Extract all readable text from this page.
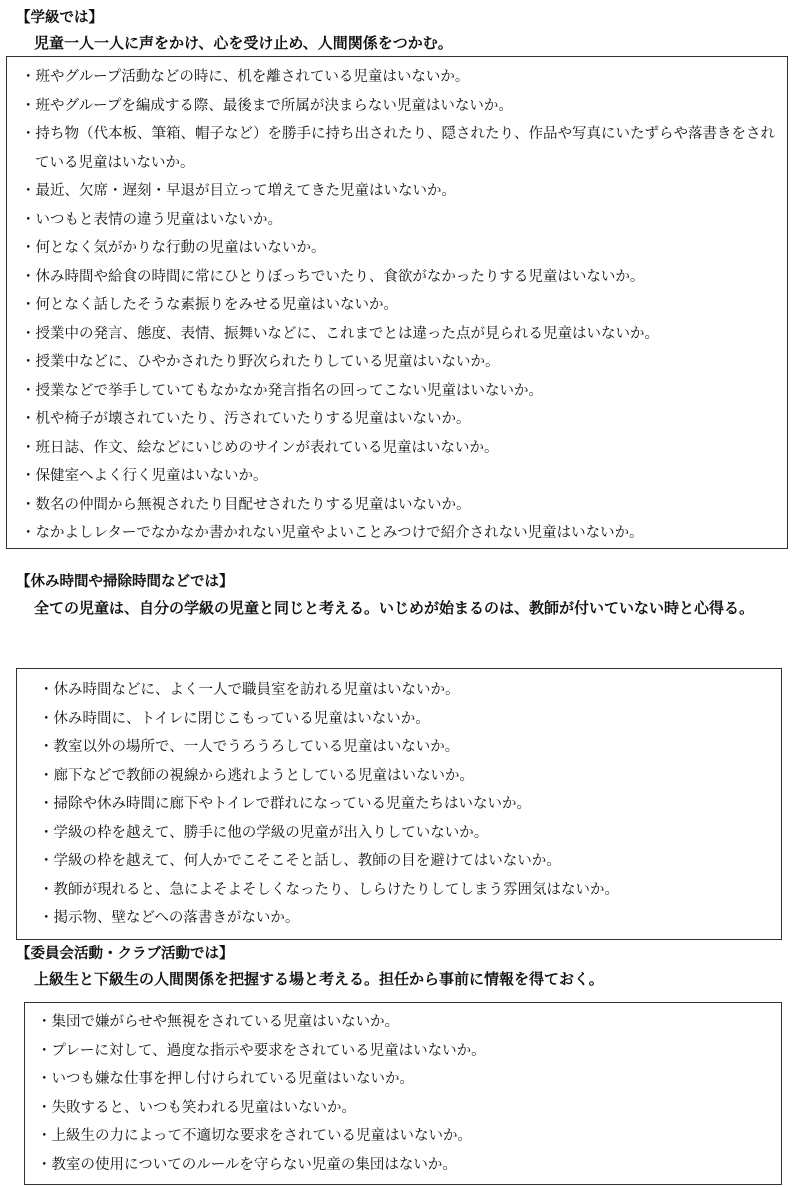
【学級では】
児童一人一人に声をかけ、心を受け止め、人間関係をつかむ。
・ 班やグループ活動などの時に、机を離されている児童はいないか。
・ 班やグループを編成する際、最後まで所属が決まらない児童はいないか。
・ 持ち物（代本板、筆箱、帽子など）を勝手に持ち出されたり、隠されたり、作品や写真にいたずらや落書きをされている児童はいないか。
・ 最近、欠席・遅刻・早退が目立って増えてきた児童はいないか。
・ いつもと表情の違う児童はいないか。
・ 何となく気がかりな行動の児童はいないか。
・ 休み時間や給食の時間に常にひとりぼっちでいたり、食欲がなかったりする児童はいないか。
・ 何となく話したそうな素振りをみせる児童はいないか。
・ 授業中の発言、態度、表情、振舞いなどに、これまでとは違った点が見られる児童はいないか。
・ 授業中などに、ひやかされたり野次られたりしている児童はいないか。
・ 授業などで挙手していてもなかなか発言指名の回ってこない児童はいないか。
・ 机や椅子が壊されていたり、汚されていたりする児童はいないか。
・ 班日誌、作文、絵などにいじめのサインが表れている児童はいないか。
・ 保健室へよく行く児童はいないか。
・ 数名の仲間から無視されたり目配せされたりする児童はいないか。
・ なかよしレターでなかなか書かれない児童やよいことみつけで紹介されない児童はいないか。
【休み時間や掃除時間などでは】
全ての児童は、自分の学級の児童と同じと考える。いじめが始まるのは、教師が付いていない時と心得る。
・ 休み時間などに、よく一人で職員室を訪れる児童はいないか。
・ 休み時間に、トイレに閉じこもっている児童はいないか。
・ 教室以外の場所で、一人でうろうろしている児童はいないか。
・ 廊下などで教師の視線から逃れようとしている児童はいないか。
・ 掃除や休み時間に廊下やトイレで群れになっている児童たちはいないか。
・ 学級の枠を越えて、勝手に他の学級の児童が出入りしていないか。
・ 学級の枠を越えて、何人かでこそこそと話し、教師の目を避けてはいないか。
・ 教師が現れると、急によそよそしくなったり、しらけたりしてしまう雰囲気はないか。
・ 掲示物、壁などへの落書きがないか。
【委員会活動・クラブ活動では】
上級生と下級生の人間関係を把握する場と考える。担任から事前に情報を得ておく。
・ 集団で嫌がらせや無視をされている児童はいないか。
・ プレーに対して、過度な指示や要求をされている児童はいないか。
・ いつも嫌な仕事を押し付けられている児童はいないか。
・ 失敗すると、いつも笑われる児童はいないか。
・ 上級生の力によって不適切な要求をされている児童はいないか。
・ 教室の使用についてのルールを守らない児童の集団はないか。
